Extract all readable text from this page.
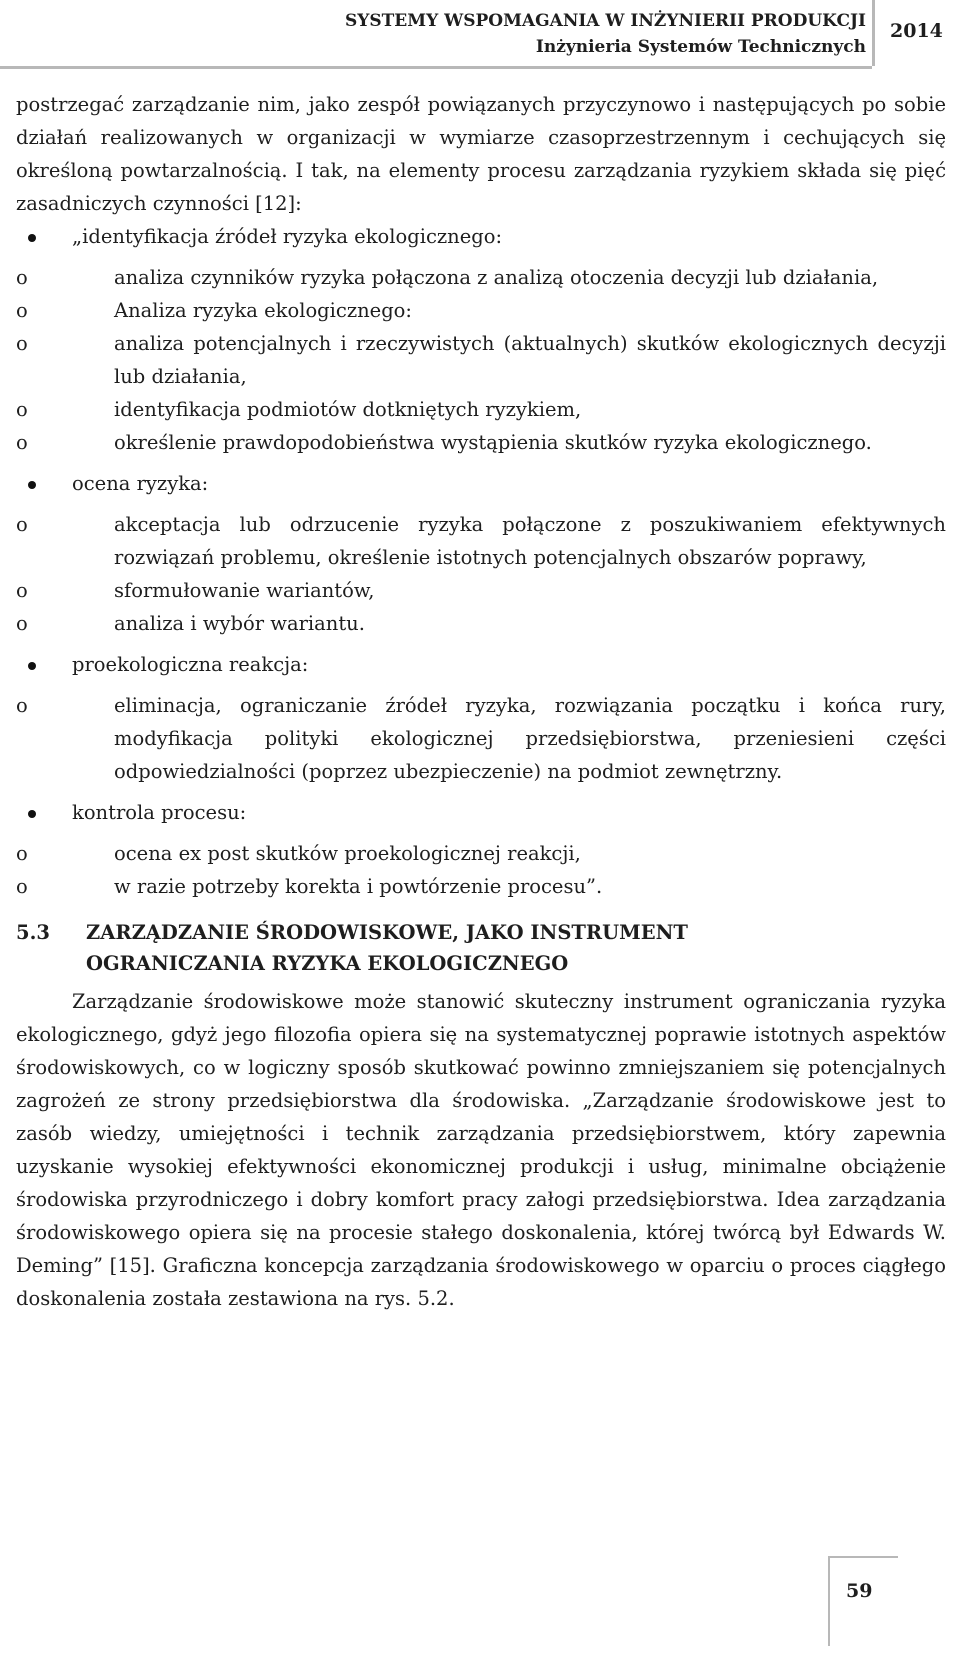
SYSTEMY WSPOMAGANIA W INŻYNIERII PRODUKCJI
Inżynieria Systemów Technicznych
2014

postrzegać zarządzanie nim, jako zespół powiązanych przyczynowo i następujących po sobie działań realizowanych w organizacji w wymiarze czasoprzestrzennym i cechujących się określoną powtarzalnością. I tak, na elementy procesu zarządzania ryzykiem składa się pięć zasadniczych czynności [12]:

„identyfikacja źródeł ryzyka ekologicznego:
o	analiza czynników ryzyka połączona z analizą otoczenia decyzji lub działania,
o	Analiza ryzyka ekologicznego:
o	analiza potencjalnych i rzeczywistych (aktualnych) skutków ekologicznych decyzji lub działania,
o	identyfikacja podmiotów dotkniętych ryzykiem,
o	określenie prawdopodobieństwa wystąpienia skutków ryzyka ekologicznego.
ocena ryzyka:
o	akceptacja lub odrzucenie ryzyka połączone z poszukiwaniem efektywnych rozwiązań problemu, określenie istotnych potencjalnych obszarów poprawy,
o	sformułowanie wariantów,
o	analiza i wybór wariantu.
proekologiczna reakcja:
o	eliminacja, ograniczanie źródeł ryzyka, rozwiązania początku i końca rury, modyfikacja polityki ekologicznej przedsiębiorstwa, przeniesieni części odpowiedzialności (poprzez ubezpieczenie) na podmiot zewnętrzny.
kontrola procesu:
o	ocena ex post skutków proekologicznej reakcji,
o	w razie potrzeby korekta i powtórzenie procesu”.
5.3	ZARZĄDZANIE ŚRODOWISKOWE, JAKO INSTRUMENT OGRANICZANIA RYZYKA EKOLOGICZNEGO

Zarządzanie środowiskowe może stanowić skuteczny instrument ograniczania ryzyka ekologicznego, gdyż jego filozofia opiera się na systematycznej poprawie istotnych aspektów środowiskowych, co w logiczny sposób skutkować powinno zmniejszaniem się potencjalnych zagrożeń ze strony przedsiębiorstwa dla środowiska. „Zarządzanie środowiskowe jest to zasób wiedzy, umiejętności i technik zarządzania przedsiębiorstwem, który zapewnia uzyskanie wysokiej efektywności ekonomicznej produkcji i usług, minimalne obciążenie środowiska przyrodniczego i dobry komfort pracy załogi przedsiębiorstwa. Idea zarządzania środowiskowego opiera się na procesie stałego doskonalenia, której twórcą był Edwards W. Deming” [15]. Graficzna koncepcja zarządzania środowiskowego w oparciu o proces ciągłego doskonalenia została zestawiona na rys. 5.2.

59
